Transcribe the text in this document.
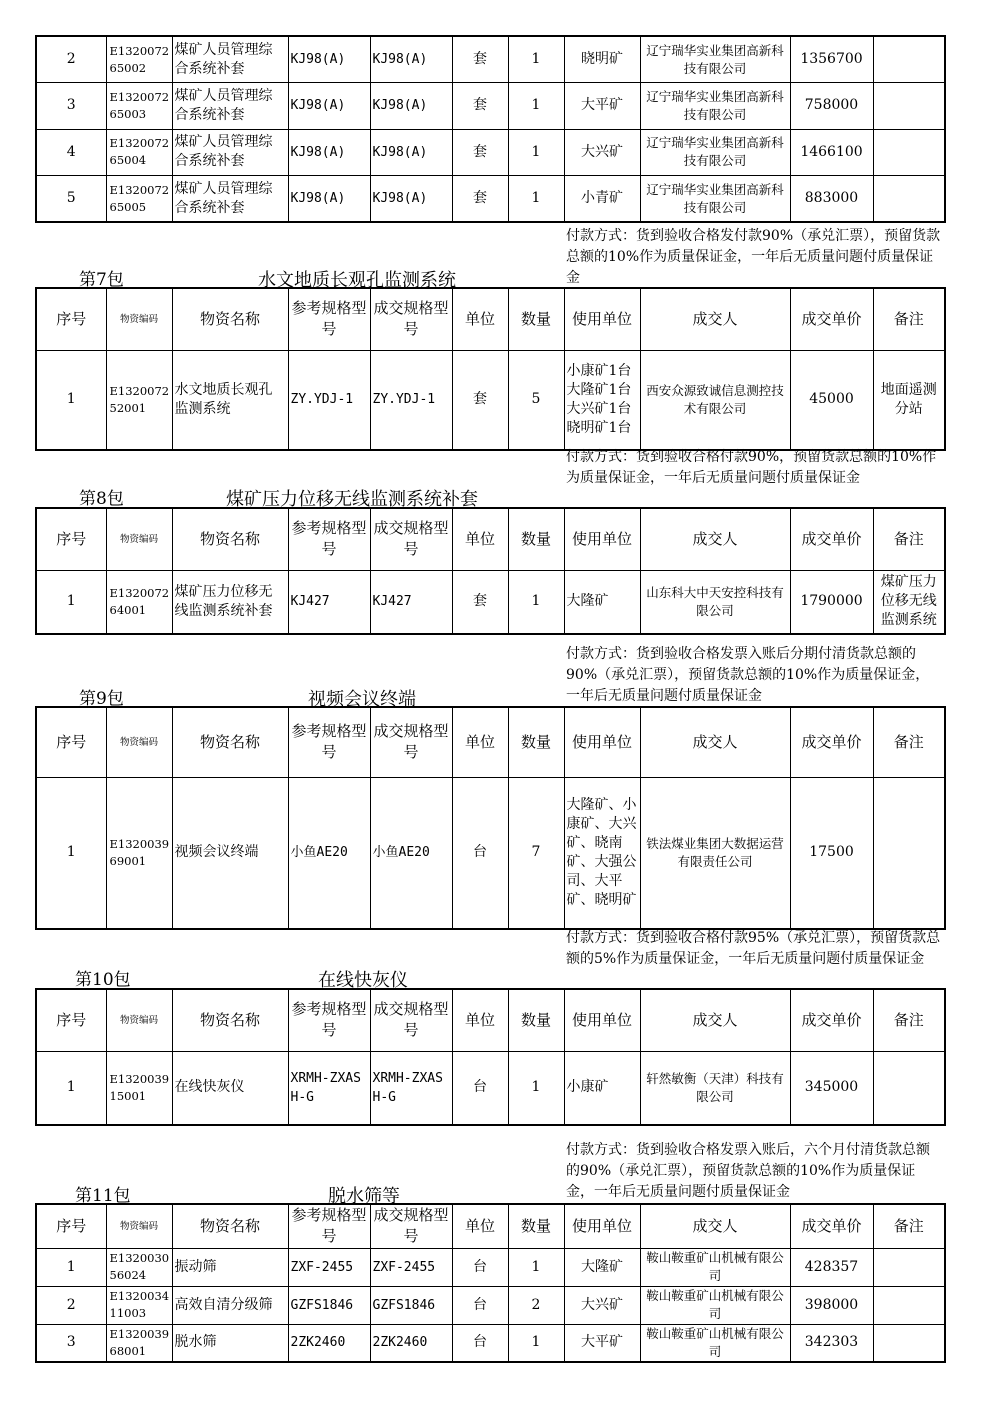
2	E132007265002	煤矿人员管理综合系统补套	KJ98(A)	KJ98(A)	套	1	晓明矿	辽宁瑞华实业集团高新科技有限公司	1356700	
3	E132007265003	煤矿人员管理综合系统补套	KJ98(A)	KJ98(A)	套	1	大平矿	辽宁瑞华实业集团高新科技有限公司	758000	
4	E132007265004	煤矿人员管理综合系统补套	KJ98(A)	KJ98(A)	套	1	大兴矿	辽宁瑞华实业集团高新科技有限公司	1466100	
5	E132007265005	煤矿人员管理综合系统补套	KJ98(A)	KJ98(A)	套	1	小青矿	辽宁瑞华实业集团高新科技有限公司	883000	
付款方式：货到验收合格发付款90%（承兑汇票），预留货款总额的10%作为质量保证金，一年后无质量问题付质量保证金
第7包	水文地质长观孔监测系统
序号	物资编码	物资名称	参考规格型号	成交规格型号	单位	数量	使用单位	成交人	成交单价	备注
1	E132007252001	水文地质长观孔监测系统	ZY.YDJ-1	ZY.YDJ-1	套	5	小康矿1台大隆矿1台大兴矿1台晓明矿1台	西安众源致诚信息测控技术有限公司	45000	地面遥测分站
付款方式：货到验收合格付款90%，预留货款总额的10%作为质量保证金，一年后无质量问题付质量保证金
第8包	煤矿压力位移无线监测系统补套
序号	物资编码	物资名称	参考规格型号	成交规格型号	单位	数量	使用单位	成交人	成交单价	备注
1	E132007264001	煤矿压力位移无线监测系统补套	KJ427	KJ427	套	1	大隆矿	山东科大中天安控科技有限公司	1790000	煤矿压力位移无线监测系统
付款方式：货到验收合格发票入账后分期付清货款总额的90%（承兑汇票），预留货款总额的10%作为质量保证金，一年后无质量问题付质量保证金
第9包	视频会议终端
序号	物资编码	物资名称	参考规格型号	成交规格型号	单位	数量	使用单位	成交人	成交单价	备注
1	E132003969001	视频会议终端	小鱼AE20	小鱼AE20	台	7	大隆矿、小康矿、大兴矿、晓南矿、大强公司、大平矿、晓明矿	铁法煤业集团大数据运营有限责任公司	17500	
付款方式：货到验收合格付款95%（承兑汇票），预留货款总额的5%作为质量保证金，一年后无质量问题付质量保证金
第10包	在线快灰仪
序号	物资编码	物资名称	参考规格型号	成交规格型号	单位	数量	使用单位	成交人	成交单价	备注
1	E132003915001	在线快灰仪	XRMH-ZXASH-G	XRMH-ZXASH-G	台	1	小康矿	轩然敏衡（天津）科技有限公司	345000	
付款方式：货到验收合格发票入账后，六个月付清货款总额的90%（承兑汇票），预留货款总额的10%作为质量保证金，一年后无质量问题付质量保证金
第11包	脱水筛等
序号	物资编码	物资名称	参考规格型号	成交规格型号	单位	数量	使用单位	成交人	成交单价	备注
1	E132003056024	振动筛	ZXF-2455	ZXF-2455	台	1	大隆矿	鞍山鞍重矿山机械有限公司	428357	
2	E132003411003	高效自清分级筛	GZFS1846	GZFS1846	台	2	大兴矿	鞍山鞍重矿山机械有限公司	398000	
3	E132003968001	脱水筛	2ZK2460	2ZK2460	台	1	大平矿	鞍山鞍重矿山机械有限公司	342303	
